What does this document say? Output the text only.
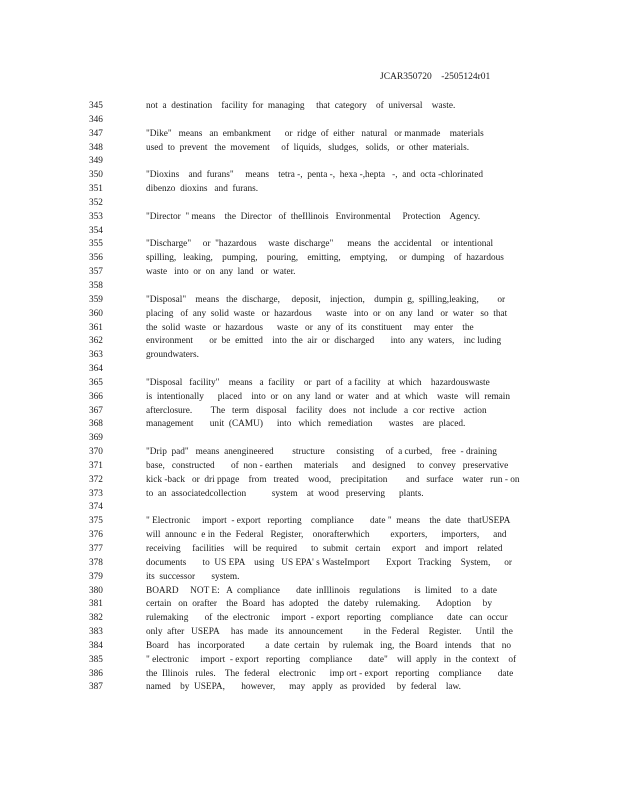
JCAR350720    -2505124r01
345	not  a  destination    facility  for  managing     that  category    of  universal    waste.
346
347	"Dike"   means   an  embankment      or  ridge  of  either   natural   or manmade    materials
348	used  to  prevent   the  movement     of  liquids,   sludges,   solids,   or  other  materials.
349
350	"Dioxins    and  furans"     means    tetra -,  penta -,  hexa -,hepta   -,  and  octa -chlorinated
351	dibenzo  dioxins   and  furans.
352
353	"Director  " means    the  Director   of  theIllinois   Environmental     Protection    Agency.
354
355	"Discharge"     or  "hazardous     waste  discharge"      means   the  accidental    or  intentional
356	spilling,   leaking,    pumping,    pouring,    emitting,    emptying,     or  dumping    of  hazardous
357	waste   into  or  on  any  land   or  water.
358
359	"Disposal"    means   the  discharge,     deposit,    injection,    dumpin  g,  spilling,leaking,        or
360	placing   of  any  solid  waste   or  hazardous      waste   into  or  on  any  land   or  water   so  that
361	the  solid  waste   or  hazardous      waste   or  any  of  its  constituent     may  enter    the
362	environment       or  be  emitted    into  the  air  or  discharged       into  any  waters,    inc luding
363	groundwaters.
364
365	"Disposal   facility"    means   a  facility    or  part  of  a facility   at  which    hazardouswaste
366	is  intentionally      placed    into  or  on  any  land  or  water   and  at  which    waste   will  remain
367	afterclosure.        The   term   disposal    facility   does   not  include   a  cor  rective    action
368	management       unit  (CAMU)      into   which   remediation       wastes    are  placed.
369
370	"Drip  pad"   means  anengineered        structure     consisting     of  a curbed,    free  - draining
371	base,   constructed       of  non - earthen     materials      and   designed     to  convey   preservative
372	kick -back   or  dri ppage    from   treated    wood,    precipitation        and   surface    water   run - on
373	to  an  associatedcollection           system    at  wood   preserving      plants.
374
375	" Electronic     import  - export   reporting    compliance       date "  means    the  date   thatUSEPA
376	will  announc  e in  the  Federal   Register,    onorafterwhich         exporters,      importers,      and
377	receiving     facilities    will  be  required      to  submit   certain     export    and  import    related
378	documents       to  US EPA    using   US EPA' s WasteImport       Export   Tracking    System,      or
379	its  successor       system.
380	BOARD     NOT E:   A  compliance       date  inIllinois    regulations      is  limited    to  a  date
381	certain   on  orafter    the  Board   has  adopted    the  dateby   rulemaking.       Adoption     by
382	rulemaking       of  the  electronic     import  - export   reporting    compliance      date   can  occur
383	only  after   USEPA     has  made   its  announcement         in  the  Federal    Register.      Until   the
384	Board    has   incorporated         a  date  certain    by  rulemak   ing,  the  Board   intends    that   no
385	" electronic     import  - export   reporting    compliance       date"    will  apply   in  the  context    of
386	the  Illinois   rules.    The  federal    electronic      imp ort - export   reporting    compliance       date
387	named    by  USEPA,       however,      may   apply   as  provided     by  federal    law.
